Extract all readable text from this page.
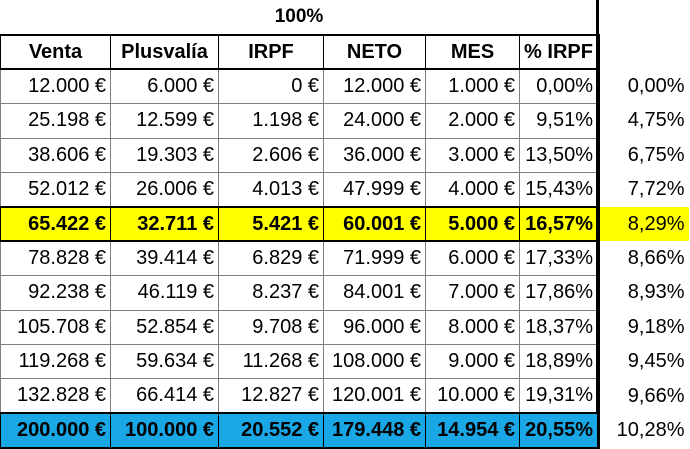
100%
Venta	Plusvalía	IRPF	NETO	MES	% IRPF	
12.000 €	6.000 €	0 €	12.000 €	1.000 €	0,00%	0,00%
25.198 €	12.599 €	1.198 €	24.000 €	2.000 €	9,51%	4,75%
38.606 €	19.303 €	2.606 €	36.000 €	3.000 €	13,50%	6,75%
52.012 €	26.006 €	4.013 €	47.999 €	4.000 €	15,43%	7,72%
65.422 €	32.711 €	5.421 €	60.001 €	5.000 €	16,57%	8,29%
78.828 €	39.414 €	6.829 €	71.999 €	6.000 €	17,33%	8,66%
92.238 €	46.119 €	8.237 €	84.001 €	7.000 €	17,86%	8,93%
105.708 €	52.854 €	9.708 €	96.000 €	8.000 €	18,37%	9,18%
119.268 €	59.634 €	11.268 €	108.000 €	9.000 €	18,89%	9,45%
132.828 €	66.414 €	12.827 €	120.001 €	10.000 €	19,31%	9,66%
200.000 €	100.000 €	20.552 €	179.448 €	14.954 €	20,55%	10,28%
